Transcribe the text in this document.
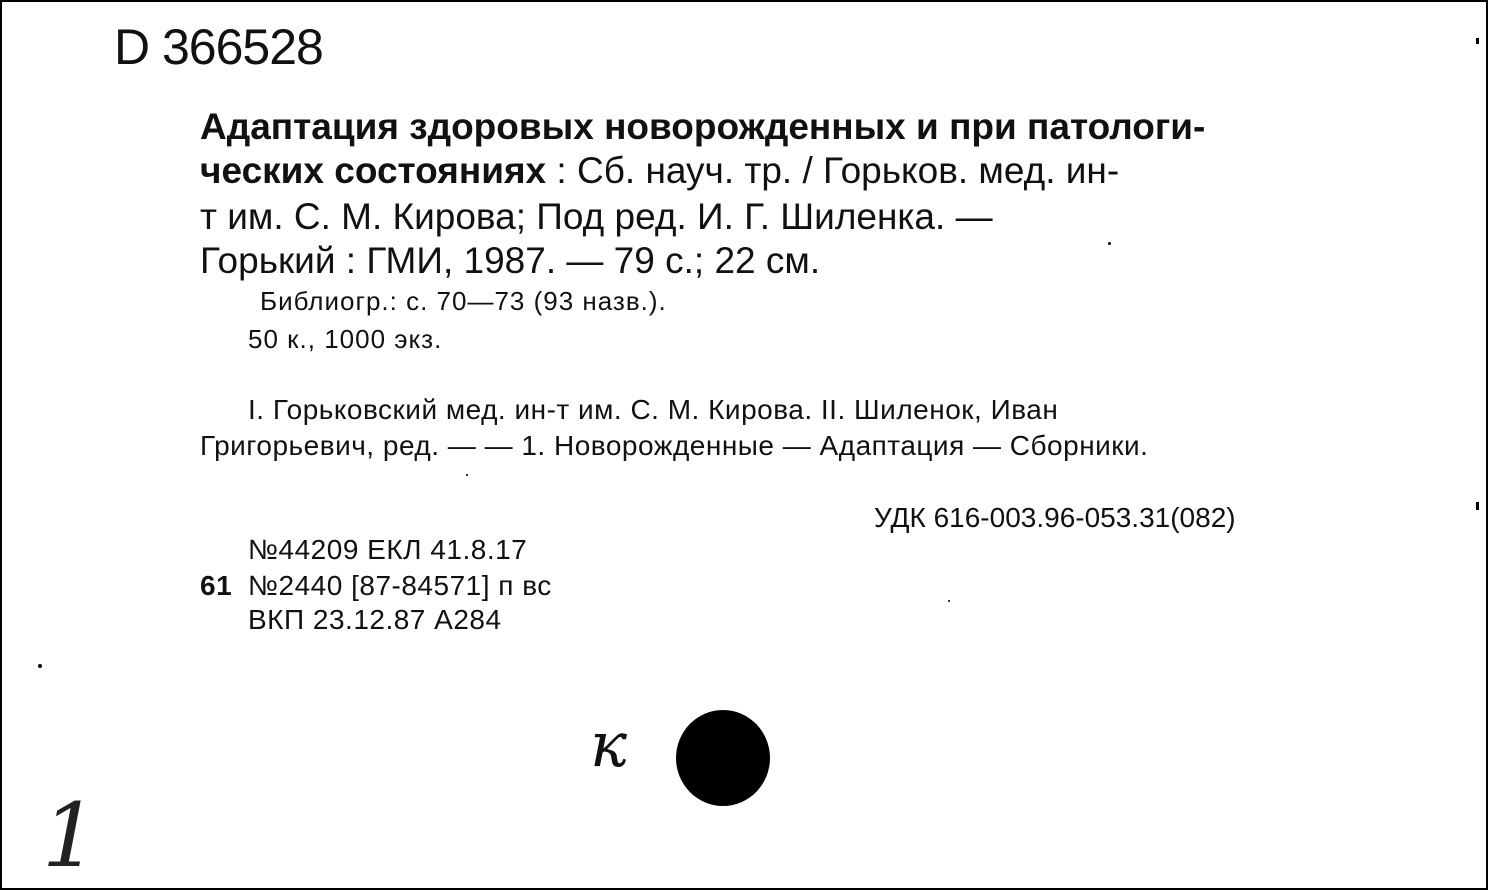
D 366528
Адаптация здоровых новорожденных и при патологи-
ческих состояниях : Сб. науч. тр. / Горьков. мед. ин-
т им. С. М. Кирова; Под ред. И. Г. Шиленка. —
Горький : ГМИ, 1987. — 79 с.; 22 см.
Библиогр.: с. 70—73 (93 назв.).
50 к., 1000 экз.
I. Горьковский мед. ин-т им. С. М. Кирова. II. Шиленок, Иван
Григорьевич, ред. — — 1. Новорожденные — Адаптация — Сборники.
УДК 616-003.96-053.31(082)
№44209 ЕКЛ 41.8.17
61 №2440 [87-84571] п вс
ВКП 23.12.87 А284
к
1
